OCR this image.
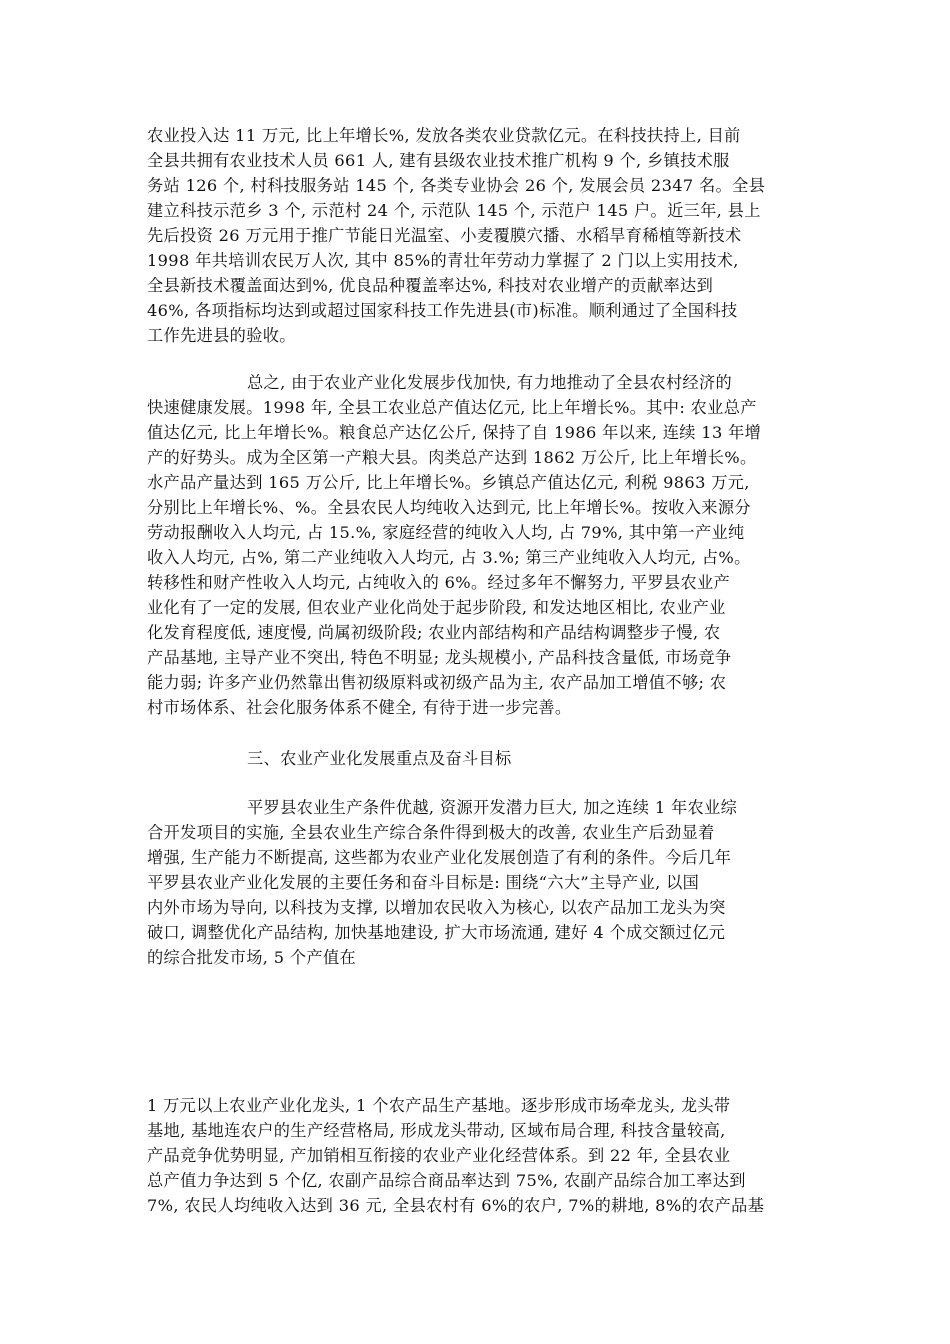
农业投入达 11 万元, 比上年增长%, 发放各类农业贷款亿元。在科技扶持上, 目前
全县共拥有农业技术人员 661 人, 建有县级农业技术推广机构 9 个, 乡镇技术服
务站 126 个, 村科技服务站 145 个, 各类专业协会 26 个, 发展会员 2347 名。全县
建立科技示范乡 3 个, 示范村 24 个, 示范队 145 个, 示范户 145 户。近三年, 县上
先后投资 26 万元用于推广节能日光温室、小麦覆膜穴播、水稻旱育稀植等新技术
1998 年共培训农民万人次, 其中 85%的青壮年劳动力掌握了 2 门以上实用技术,
全县新技术覆盖面达到%, 优良品种覆盖率达%, 科技对农业增产的贡献率达到
46%, 各项指标均达到或超过国家科技工作先进县(市)标准。顺利通过了全国科技
工作先进县的验收。
总之, 由于农业产业化发展步伐加快, 有力地推动了全县农村经济的
快速健康发展。1998 年, 全县工农业总产值达亿元, 比上年增长%。其中: 农业总产
值达亿元, 比上年增长%。粮食总产达亿公斤, 保持了自 1986 年以来, 连续 13 年增
产的好势头。成为全区第一产粮大县。肉类总产达到 1862 万公斤, 比上年增长%。
水产品产量达到 165 万公斤, 比上年增长%。乡镇总产值达亿元, 利税 9863 万元,
分别比上年增长%、%。全县农民人均纯收入达到元, 比上年增长%。按收入来源分
劳动报酬收入人均元, 占 15.%, 家庭经营的纯收入人均, 占 79%, 其中第一产业纯
收入人均元, 占%, 第二产业纯收入人均元, 占 3.%; 第三产业纯收入人均元, 占%。
转移性和财产性收入人均元, 占纯收入的 6%。经过多年不懈努力, 平罗县农业产
业化有了一定的发展, 但农业产业化尚处于起步阶段, 和发达地区相比, 农业产业
化发育程度低, 速度慢, 尚属初级阶段; 农业内部结构和产品结构调整步子慢, 农
产品基地, 主导产业不突出, 特色不明显; 龙头规模小, 产品科技含量低, 市场竞争
能力弱; 许多产业仍然靠出售初级原料或初级产品为主, 农产品加工增值不够; 农
村市场体系、社会化服务体系不健全, 有待于进一步完善。
三、农业产业化发展重点及奋斗目标
平罗县农业生产条件优越, 资源开发潜力巨大, 加之连续 1 年农业综
合开发项目的实施, 全县农业生产综合条件得到极大的改善, 农业生产后劲显着
增强, 生产能力不断提高, 这些都为农业产业化发展创造了有利的条件。今后几年
平罗县农业产业化发展的主要任务和奋斗目标是: 围绕“六大”主导产业, 以国
内外市场为导向, 以科技为支撑, 以增加农民收入为核心, 以农产品加工龙头为突
破口, 调整优化产品结构, 加快基地建设, 扩大市场流通, 建好 4 个成交额过亿元
的综合批发市场, 5 个产值在
1 万元以上农业产业化龙头, 1 个农产品生产基地。逐步形成市场牵龙头, 龙头带
基地, 基地连农户的生产经营格局, 形成龙头带动, 区域布局合理, 科技含量较高,
产品竞争优势明显, 产加销相互衔接的农业产业化经营体系。到 22 年, 全县农业
总产值力争达到 5 个亿, 农副产品综合商品率达到 75%, 农副产品综合加工率达到
7%, 农民人均纯收入达到 36 元, 全县农村有 6%的农户, 7%的耕地, 8%的农产品基
